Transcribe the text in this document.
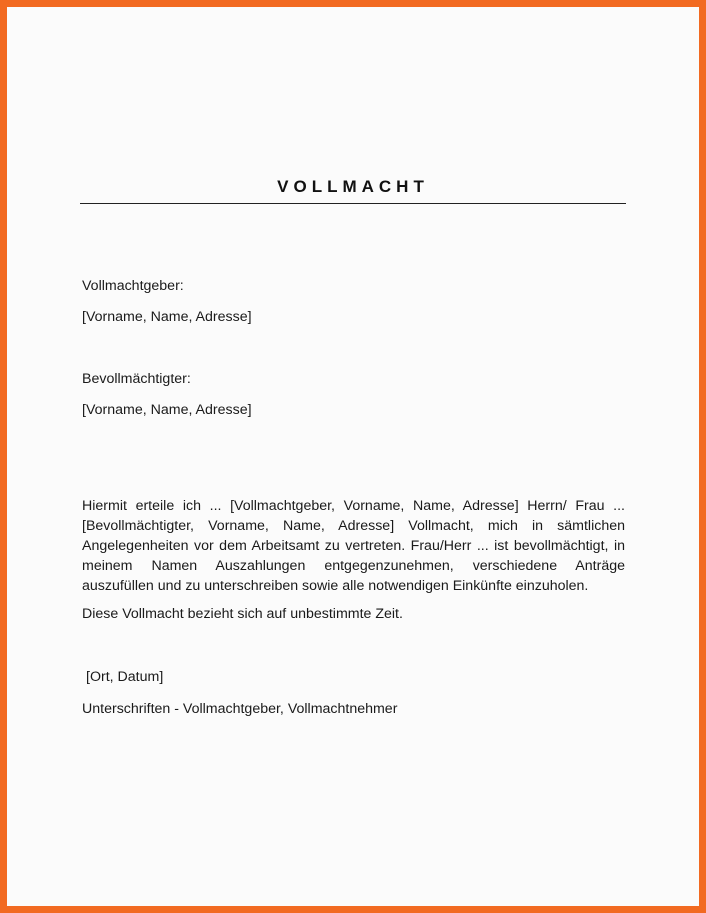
VOLLMACHT
Vollmachtgeber:
[Vorname, Name, Adresse]
Bevollmächtigter:
[Vorname, Name, Adresse]
Hiermit erteile ich ... [Vollmachtgeber, Vorname, Name, Adresse] Herrn/ Frau ... [Bevollmächtigter, Vorname, Name, Adresse] Vollmacht, mich in sämtlichen Angelegenheiten vor dem Arbeitsamt zu vertreten. Frau/Herr ... ist bevollmächtigt, in meinem Namen Auszahlungen entgegenzunehmen, verschiedene Anträge auszufüllen und zu unterschreiben sowie alle notwendigen Einkünfte einzuholen.
Diese Vollmacht bezieht sich auf unbestimmte Zeit.
[Ort, Datum]
Unterschriften - Vollmachtgeber, Vollmachtnehmer
